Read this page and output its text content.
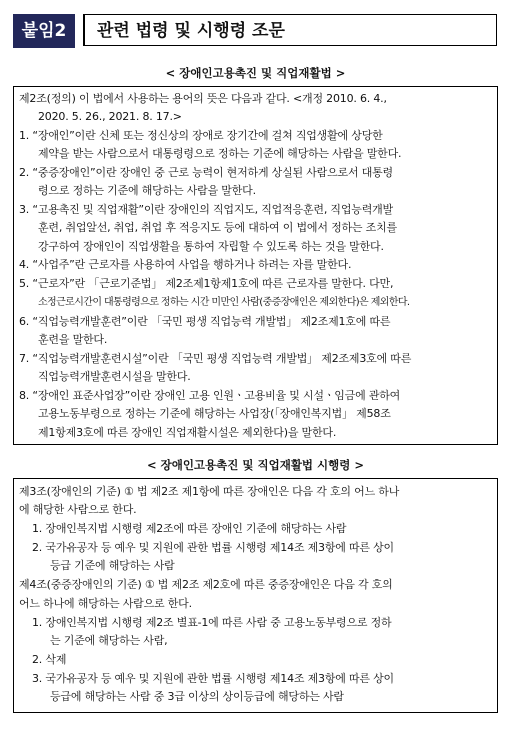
붙임2	관련 법령 및 시행령 조문
< 장애인고용촉진 및 직업재활법 >
제2조(정의) 이 법에서 사용하는 용어의 뜻은 다음과 같다. <개정 2010. 6. 4.,
2020. 5. 26., 2021. 8. 17.>
1. “장애인”이란 신체 또는 정신상의 장애로 장기간에 걸쳐 직업생활에 상당한
제약을 받는 사람으로서 대통령령으로 정하는 기준에 해당하는 사람을 말한다.
2. “중증장애인”이란 장애인 중 근로 능력이 현저하게 상실된 사람으로서 대통령
령으로 정하는 기준에 해당하는 사람을 말한다.
3. “고용촉진 및 직업재활”이란 장애인의 직업지도, 직업적응훈련, 직업능력개발
훈련, 취업알선, 취업, 취업 후 적응지도 등에 대하여 이 법에서 정하는 조치를
강구하여 장애인이 직업생활을 통하여 자립할 수 있도록 하는 것을 말한다.
4. “사업주”란 근로자를 사용하여 사업을 행하거나 하려는 자를 말한다.
5. “근로자”란 「근로기준법」 제2조제1항제1호에 따른 근로자를 말한다. 다만,
소정근로시간이 대통령령으로 정하는 시간 미만인 사람(중증장애인은 제외한다)은 제외한다.
6. “직업능력개발훈련”이란 「국민 평생 직업능력 개발법」 제2조제1호에 따른
훈련을 말한다.
7. “직업능력개발훈련시설”이란 「국민 평생 직업능력 개발법」 제2조제3호에 따른
직업능력개발훈련시설을 말한다.
8. “장애인 표준사업장”이란 장애인 고용 인원ㆍ고용비율 및 시설ㆍ임금에 관하여
고용노동부령으로 정하는 기준에 해당하는 사업장(「장애인복지법」 제58조
제1항제3호에 따른 장애인 직업재활시설은 제외한다)을 말한다.
< 장애인고용촉진 및 직업재활법 시행령 >
제3조(장애인의 기준) ① 법 제2조 제1항에 따른 장애인은 다음 각 호의 어느 하나
에 해당한 사람으로 한다.
1. 장애인복지법 시행령 제2조에 따른 장애인 기준에 해당하는 사람
2. 국가유공자 등 예우 및 지원에 관한 법률 시행령 제14조 제3항에 따른 상이
등급 기준에 해당하는 사람
제4조(중증장애인의 기준) ① 법 제2조 제2호에 따른 중증장애인은 다음 각 호의
어느 하나에 해당하는 사람으로 한다.
1. 장애인복지법 시행령 제2조 별표-1에 따른 사람 중 고용노동부령으로 정하
는 기준에 해당하는 사람,
2. 삭제
3. 국가유공자 등 예우 및 지원에 관한 법률 시행령 제14조 제3항에 따른 상이
등급에 해당하는 사람 중 3급 이상의 상이등급에 해당하는 사람
